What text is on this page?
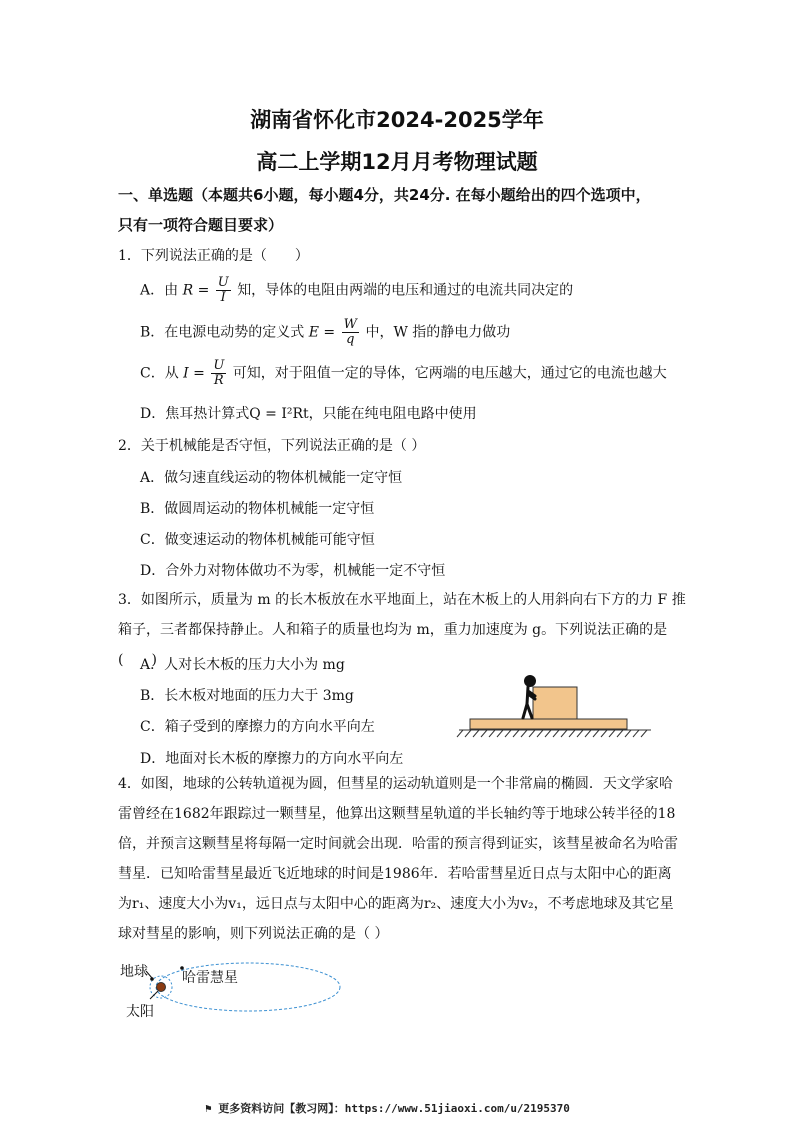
湖南省怀化市2024-2025学年
高二上学期12月月考物理试题
一、单选题（本题共6小题，每小题4分，共24分. 在每小题给出的四个选项中，
只有一项符合题目要求）
1．下列说法正确的是（　　）
A．由 $R = \frac{U}{I}$ 知，导体的电阻由两端的电压和通过的电流共同决定的
B．在电源电动势的定义式 $E = \frac{W}{q}$ 中，W 指的静电力做功
C．从 $I = \frac{U}{R}$ 可知，对于阻值一定的导体，它两端的电压越大，通过它的电流也越大
D．焦耳热计算式Q = I²Rt，只能在纯电阻电路中使用
2．关于机械能是否守恒，下列说法正确的是（ ）
A．做匀速直线运动的物体机械能一定守恒
B．做圆周运动的物体机械能一定守恒
C．做变速运动的物体机械能可能守恒
D．合外力对物体做功不为零，机械能一定不守恒
3．如图所示，质量为 m 的长木板放在水平地面上，站在木板上的人用斜向右下方的力 F 推
箱子，三者都保持静止。人和箱子的质量也均为 m，重力加速度为 g。下列说法正确的是(　　)
A．人对长木板的压力大小为 mg
B．长木板对地面的压力大于 3mg
C．箱子受到的摩擦力的方向水平向左
D．地面对长木板的摩擦力的方向水平向左
4．如图，地球的公转轨道视为圆，但彗星的运动轨道则是一个非常扁的椭圆．天文学家哈
雷曾经在1682年跟踪过一颗彗星，他算出这颗彗星轨道的半长轴约等于地球公转半径的18
倍，并预言这颗彗星将每隔一定时间就会出现．哈雷的预言得到证实，该彗星被命名为哈雷
彗星．已知哈雷彗星最近飞近地球的时间是1986年．若哈雷彗星近日点与太阳中心的距离
为r₁、速度大小为v₁，远日点与太阳中心的距离为r₂、速度大小为v₂，不考虑地球及其它星
球对彗星的影响，则下列说法正确的是（ ）
地球 哈雷慧星
太阳
⚑ 更多资料访问【教习网】：https://www.51jiaoxi.com/u/2195370
